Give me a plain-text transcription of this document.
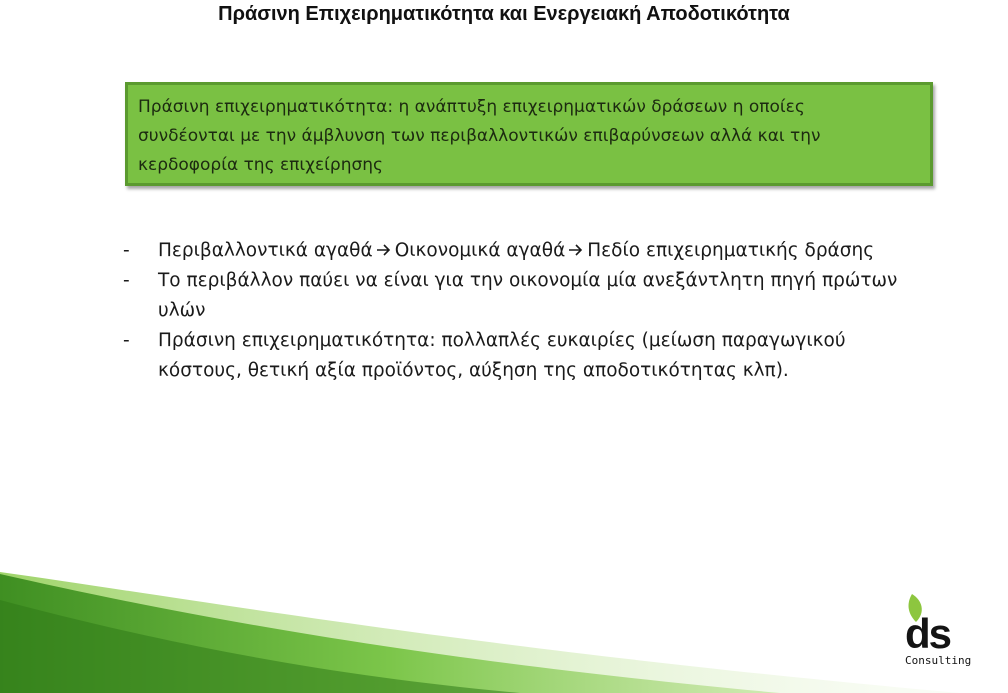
Πράσινη Επιχειρηματικότητα και Ενεργειακή Αποδοτικότητα

Πράσινη επιχειρηματικότητα: η ανάπτυξη επιχειρηματικών δράσεων η οποίες συνδέονται με την άμβλυνση των περιβαλλοντικών επιβαρύνσεων αλλά και την κερδοφορία της επιχείρησης

- Περιβαλλοντικά αγαθά Οικονομικά αγαθά Πεδίο επιχειρηματικής δράσης
- Το περιβάλλον παύει να είναι για την οικονομία μία ανεξάντλητη πηγή πρώτων υλών
- Πράσινη επιχειρηματικότητα: πολλαπλές ευκαιρίες (μείωση παραγωγικού κόστους, θετική αξία προϊόντος, αύξηση της αποδοτικότητας κλπ).
ds
Consulting
